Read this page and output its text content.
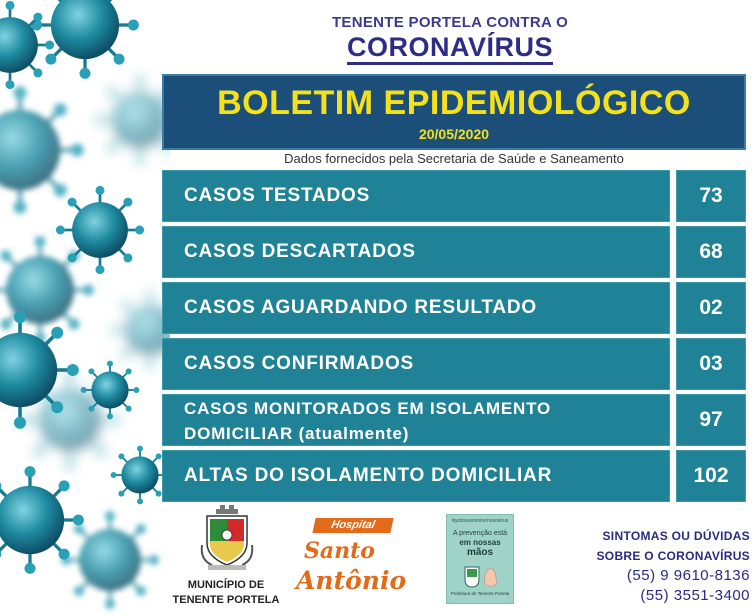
TENENTE PORTELA CONTRA O
CORONAVÍRUS
BOLETIM EPIDEMIOLÓGICO
20/05/2020
Dados fornecidos pela Secretaria de Saúde e Saneamento
CASOS TESTADOS	73
CASOS DESCARTADOS	68
CASOS AGUARDANDO RESULTADO	02
CASOS CONFIRMADOS	03
CASOS MONITORADOS EM ISOLAMENTO
DOMICILIAR (atualmente)
97
ALTAS DO ISOLAMENTO DOMICILIAR	102
MUNICÍPIO DE
TENENTE PORTELA
Hospital
Santo
Antônio
#juntosvenceremosovirus
A prevenção está
em nossas
mãos
Prefeitura de Tenente Portela
SINTOMAS OU DÚVIDAS
SOBRE O CORONAVÍRUS
(55) 9 9610-8136
(55) 3551-3400
